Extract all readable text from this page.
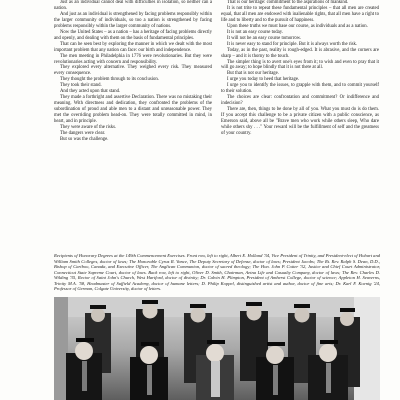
Just as an individual cannot deal with difficulties in isolation, so neither can a nation.

And just as an individual is strengthened by facing problems responsibly within the larger community of individuals, so too a nation is strengthened by facing problems responsibly within the larger community of nations.

Now the United States – as a nation – has a heritage of facing problems directly and openly, and dealing with them on the basis of fundamental principles.

That can be seen best by exploring the manner in which we dealt with the most important problem that any nation can face: our birth and independence.

The men meeting in Philadelphia in 1776 were revolutionaries. But they were revolutionaries acting with concern and responsibility.

They explored every alternative. They weighed every risk. They measured every consequence.

They thought the problem through to its conclusion.

They took their stand.

And they acted upon that stand.

They made a forthright and assertive Declaration. There was no mistaking their meaning. With directness and dedication, they confronted the problems of the subordination of proud and able men to a distant and unreasonable power. They met the overriding problem head-on. They were totally committed in mind, in heart, and in principle.

They were aware of the risks.

The dangers were clear.

But so was the challenge.

That is our heritage: commitment to the aspirations of mankind.

It is not trite to repeat these fundamental principles – that all men are created equal, that all men are endowed with inalienable rights, that all men have a right to life and to liberty and to the pursuit of happiness.

Upon these truths we must base our course, as individuals and as a nation.

It is not an easy course today.

It will not be an easy course tomorrow.

It is never easy to stand for principle. But it is always worth the risk.

Today, as in the past, reality is rough-edged. It is abrasive, and the corners are sharp – and it is thorny to the touch.

The simpler thing is to avert one's eyes from it; to wish and even to pray that it will go away; to hope blindly that it is not there at all.

But that is not our heritage.

I urge you today to heed that heritage.

I urge you to identify the issues, to grapple with them, and to commit yourself to their solution.

The choices are clear: confrontation and commitment? Or indifference and indecision?

There are, then, things to be done by all of you. What you must do is do them. If you accept this challenge to be a private citizen with a public conscience, as Emerson said, above all be "Brave men who work while others sleep, Who dare while others shy . . ." Your reward will be the fulfillment of self and the greatness of your country.

Recipients of Honorary Degrees at the 149th Commencement Exercises. Front row, left to right, Albert E. Holland '34, Vice President of Trinity, and President-elect of Hobart and William Smith Colleges, doctor of laws; The Honorable Cyrus R. Vance, The Deputy Secretary of Defense, doctor of laws; President Jacobs; The Rt. Rev. Ralph S. Dean, D.D., Bishop of Cariboo, Canada, and Executive Officer, The Anglican Communion, doctor of sacred theology; The Hon. John P. Cotter '32, Justice and Chief Court Administrator, Connecticut State Supreme Court, doctor of laws. Back row, left to right, Oliver D. Smith, Chairman, Aetna Life and Casualty Company, doctor of laws; The Rev. Charles D. Wilding '35, Rector of Saint John's Church, West Hartford, doctor of divinity; Dr. Calvin H. Plimpton, President of Amherst College, doctor of science; Appleton H. Seaverns, Trinity M.A. '58, Headmaster of Suffield Academy, doctor of humane letters; D. Philip Koppel, distinguished artist and author, doctor of fine arts; Dr. Karl F. Koenig '24, Professor of German, Colgate University, doctor of letters.
